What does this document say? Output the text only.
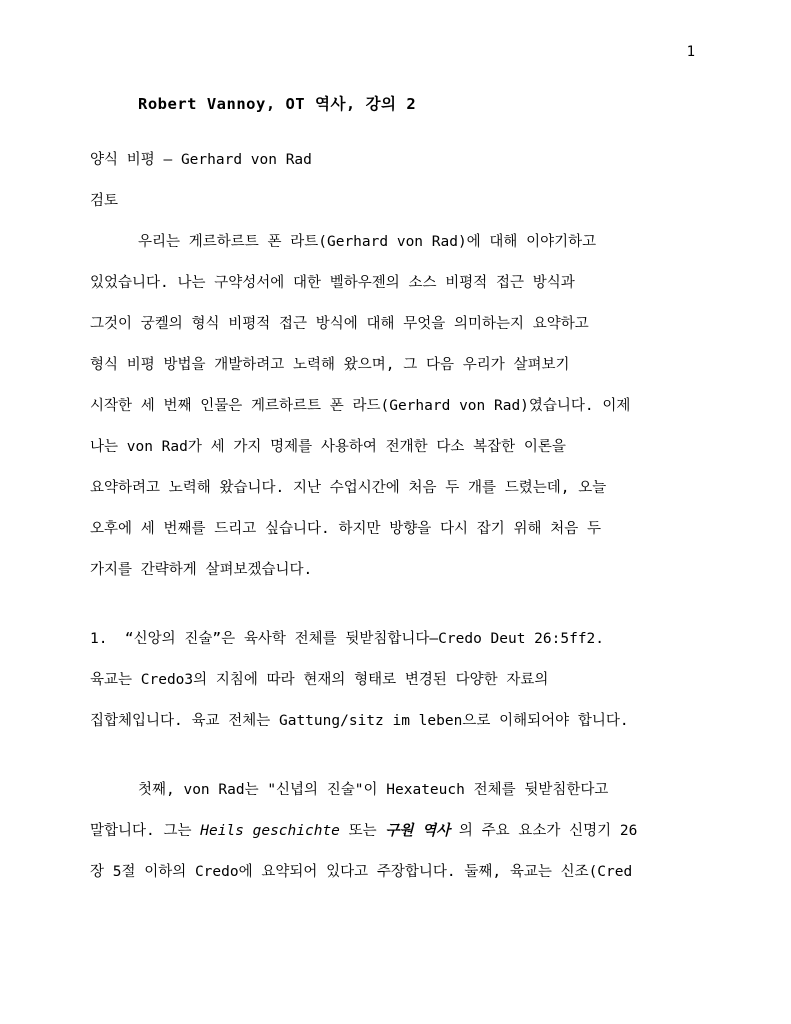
1
Robert Vannoy, OT 역사, 강의 2
양식 비평 – Gerhard von Rad
검토
우리는 게르하르트 폰 라트(Gerhard von Rad)에 대해 이야기하고
있었습니다. 나는 구약성서에 대한 벨하우젠의 소스 비평적 접근 방식과
그것이 궁켈의 형식 비평적 접근 방식에 대해 무엇을 의미하는지 요약하고
형식 비평 방법을 개발하려고 노력해 왔으며, 그 다음 우리가 살펴보기
시작한 세 번째 인물은 게르하르트 폰 라드(Gerhard von Rad)였습니다. 이제
나는 von Rad가 세 가지 명제를 사용하여 전개한 다소 복잡한 이론을
요약하려고 노력해 왔습니다. 지난 수업시간에 처음 두 개를 드렸는데, 오늘
오후에 세 번째를 드리고 싶습니다. 하지만 방향을 다시 잡기 위해 처음 두
가지를 간략하게 살펴보겠습니다.
1.  “신앙의 진술”은 육사학 전체를 뒷받침합니다–Credo Deut 26:5ff2.
육교는 Credo3의 지침에 따라 현재의 형태로 변경된 다양한 자료의
집합체입니다. 육교 전체는 Gattung/sitz im leben으로 이해되어야 합니다.
첫째, von Rad는 "신녑의 진술"이 Hexateuch 전체를 뒷받침한다고
말합니다. 그는 Heils geschichte 또는 구원 역사 의 주요 요소가 신명기 26
장 5절 이하의 Credo에 요약되어 있다고 주장합니다. 둘째, 육교는 신조(Cred
